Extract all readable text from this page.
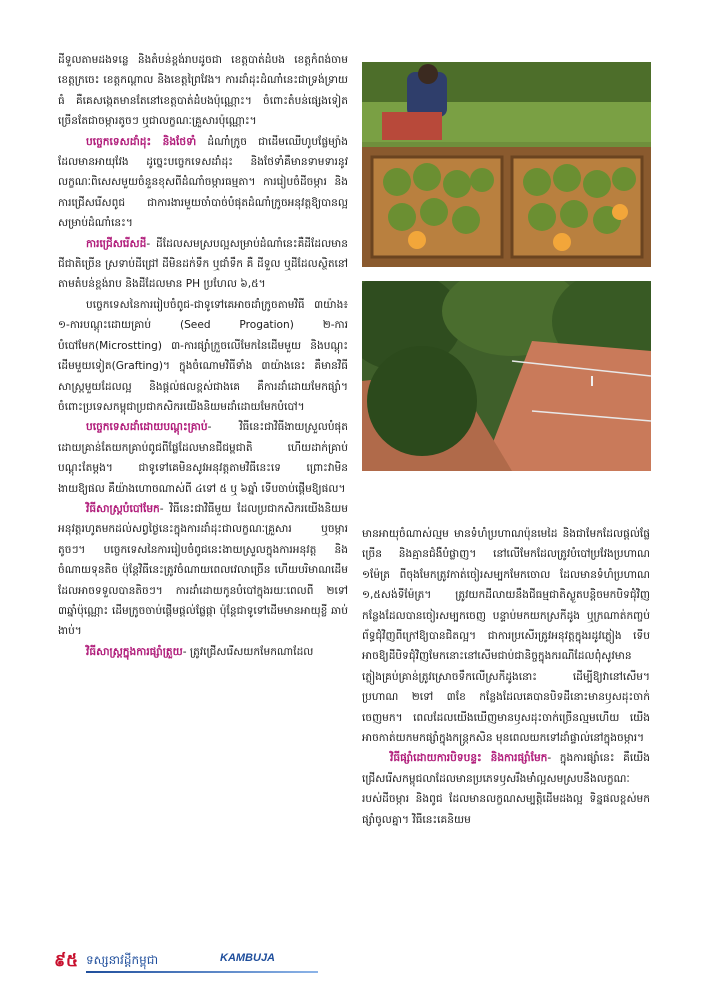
ដីទួលតាមដងទន្លេ និងតំបន់ខ្ពង់រាបដូចជា ខេត្តបាត់ដំបង ខេត្តកំពង់ចាម ខេត្តក្រចេះ ខេត្តកណ្ដាល និងខេត្តព្រៃវែង។ ការដាំដុះដំណាំនេះជាទ្រង់ទ្រាយធំ គឺគេសង្កេតមានតែនៅខេត្តបាត់ដំបងប៉ុណ្ណោះ។ ចំពោះតំបន់ផ្សេងទៀតច្រើនតែជាចម្ការតូចៗ ឬជាលក្ខណៈគ្រួសារប៉ុណ្ណោះ។

បច្ចេកទេសដាំដុះ និងថែទាំ ដំណាំក្រូច ជាដើមឈើហូបផ្លែម្យ៉ាង ដែលមានអាយុវែង ដូច្នេះបច្ចេកទេសដាំដុះ និងថែទាំគឺមានទាមទារនូវលក្ខណៈពិសេសមួយចំនួនខុសពីដំណាំចម្ការធម្មតា។ ការរៀបចំដីចម្ការ និងការជ្រើសរើសពូជ ជាការងារមួយចាំបាច់បំផុតដំណាំក្រូចអនុវត្តឱ្យបានល្អសម្រាប់ដំណាំនេះ។

ការជ្រើសរើសដី- ដីដែលសមស្របល្អសម្រាប់ដំណាំនេះគឺដីដែលមានជីជាតិច្រើន ស្រទាប់ដីជ្រៅ ដីមិនដក់ទឹក ឬជាំទឹក គឺ ដីទួល ឬដីដែលស្ថិតនៅតាមតំបន់ខ្ពង់រាប និងដីដែលមាន PH ប្រហែល ៦,៥។

បច្ចេកទេសនៃការរៀបចំពូជ-ជាទូទៅគេអាចដាំក្រូចតាមវិធី ៣យ៉ាង៖ ១-ការបណ្ដុះដោយគ្រាប់ (Seed Progation) ២-ការបំបៅមែក(Microstting) ៣-ការផ្សាំក្រួចលើមែកនៃដើមមួយ និងបណ្ដុះដើមមួយទៀត(Grafting)។ ក្នុងចំណោមវិធីទាំង ៣យ៉ាងនេះ គឺមានវិធីសាស្ត្រមួយដែលល្អ និងផ្ដល់ផលខ្ពស់ជាងគេ គឺការដាំដោយមែកផ្សាំ។ ចំពោះប្រទេសកម្ពុជាប្រជាកសិករយើងនិយមដាំដោយមែកបំបៅ។

បច្ចេកទេសដាំដោយបណ្ដុះគ្រាប់- វិធីនេះជាវិធីងាយស្រួលបំផុត ដោយគ្រាន់តែយកគ្រាប់ពូជពីផ្លែដែលមានជីជម្ពជាតិ ហើយដាក់គ្រាប់បណ្ដុះតែម្ដង។ ជាទូទៅគេមិនសូវអនុវត្តតាមវិធីនេះទេ ព្រោះវាមិនងាយឱ្យផល គឺយ៉ាងហោចណាស់ពី ៤ទៅ ៥ ឬ ៦ឆ្នាំ ទើបចាប់ផ្ដើមឱ្យផល។

វិធីសាស្ត្របំបៅមែក- វិធីនេះជាវិធីមួយ ដែលប្រជាកសិករយើងនិយមអនុវត្តរហូតមកដល់សព្វថ្ងៃនេះក្នុងការដាំដុះជាលក្ខណៈគ្រួសារ ឬចម្ការតូចៗ។ បច្ចេកទេសនៃការរៀបចំពូជនេះងាយស្រួលក្នុងការអនុវត្ត និងចំណាយទុនតិច ប៉ុន្តែវិធីនេះត្រូវចំណាយពេលវេលាច្រើន ហើយបរិមាណដើមដែលអាចទទួលបានតិចៗ។ ការដាំដោយកូនបំបៅក្នុងរយៈពេលពី ២ទៅ ៣ឆ្នាំប៉ុណ្ណោះ ដើមក្រូចចាប់ផ្ដើមផ្ដល់ផ្លែផ្កា ប៉ុន្តែជាទូទៅដើមមានអាយុខ្លី ឆាប់ងាប់។

វិធីសាស្ត្រក្នុងការផ្សាំត្រួយ- ត្រូវជ្រើសរើសយកមែកណាដែល

មានអាយុចំណាស់ល្មម មានទំហំប្រហាណប៉ុនមេដៃ និងជាមែកដែលផ្ដល់ផ្លែច្រើន និងគ្មានជំងឺបំផ្លាញ។ នៅលើមែកដែលត្រូវបំបៅប្រវែងប្រហាណ ១ម៉ែត្រ ពីចុងមែកត្រូវកាត់ចៀរសម្បកមែកចោល ដែលមានទំហំប្រហាណ ១,៥សង់ទីម៉ែត្រ។ ត្រូវយកដីលាយនឹងជីធម្មជាតិស្ងួតបន្តិចមកបិទជុំវិញកន្លែងដែលបានចៀរសម្បកចេញ បន្ទាប់មកយកស្រកីដូង ឬក្រណាត់កញ្ចប់ព័ទ្ធជុំវិញពីក្រៅឱ្យបានជិតល្អ។ ជាការប្រសើរត្រូវអនុវត្តក្នុងរដូវភ្លៀង ទើបអាចឱ្យដីបិទជុំវិញមែកនោះនៅសើមជាប់ជានិច្ចក្នុងករណីដែលពុំសូវមានភ្លៀងគ្រប់គ្រាន់ត្រូវស្រោចទឹកលើស្រកីដូងនោះ ដើម្បីឱ្យវានៅសើម។ ប្រហាណ ២ទៅ ៣ខែ កន្លែងដែលគេបានបិទដីនោះមានឫសដុះចាក់ចេញមក។ ពេលដែលយើងឃើញមានឫសដុះចាក់ច្រើនល្មមហើយ យើងអាចកាត់យកមកផ្សាំក្នុងកន្ត្រកសិន មុនពេលយកទៅដាំផ្ទាល់នៅក្នុងចម្ការ។

វិធីផ្សាំដោយការបិទបន្ទះ និងការផ្សាំមែក- ក្នុងការផ្សាំនេះ គឺយើងជ្រើសរើសកម្ពុជលាដែលមានប្រភេទឫសរឹងមាំល្អសមស្របនឹងលក្ខណៈរបស់ដីចម្ការ និងពូជ ដែលមានលក្ខណសម្បត្តិដើមដងល្អ ទិន្នផលខ្ពស់មកផ្សាំចូលគ្នា។ វិធីនេះគេនិយម

៩៥ ទស្សនាវដ្ដីកម្ពុជា	KAMBUJA
